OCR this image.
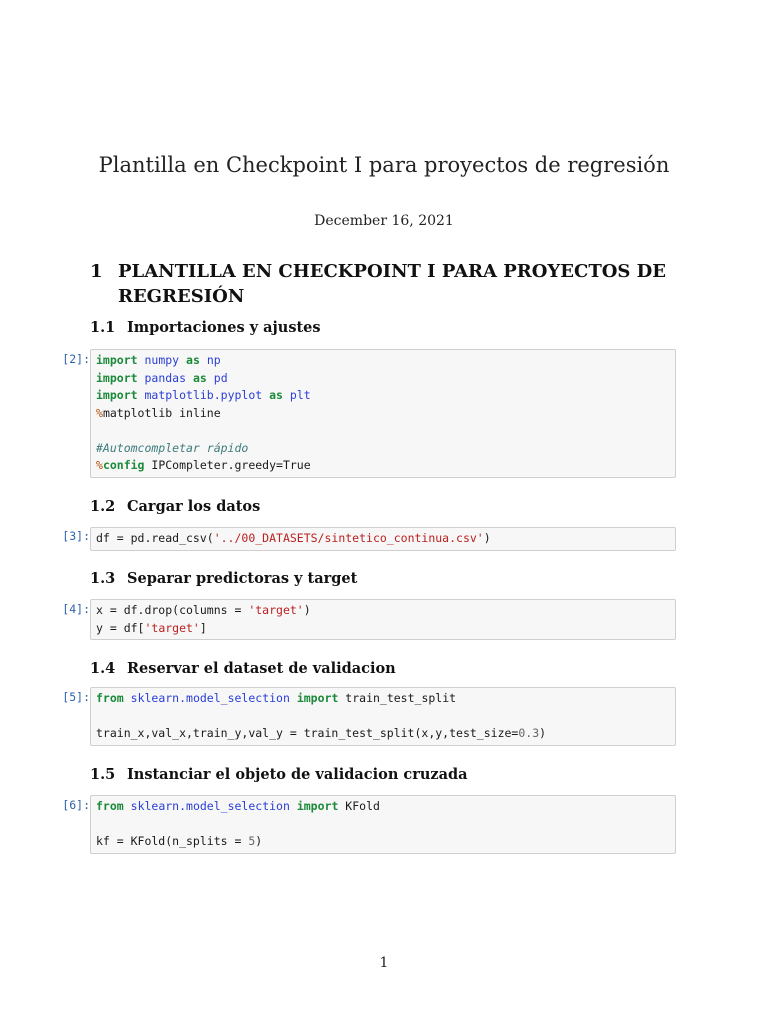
Plantilla en Checkpoint I para proyectos de regresión
December 16, 2021
1 PLANTILLA EN CHECKPOINT I PARA PROYECTOS DE REGRESIÓN
1.1 Importaciones y ajustes
[2]: import numpy as np
import pandas as pd
import matplotlib.pyplot as plt
%matplotlib inline
#Automcompletar rápido
%config IPCompleter.greedy=True
1.2 Cargar los datos
[3]: df = pd.read_csv('../00_DATASETS/sintetico_continua.csv')
1.3 Separar predictoras y target
[4]: x = df.drop(columns = 'target')
y = df['target']
1.4 Reservar el dataset de validacion
[5]: from sklearn.model_selection import train_test_split
train_x,val_x,train_y,val_y = train_test_split(x,y,test_size=0.3)
1.5 Instanciar el objeto de validacion cruzada
[6]: from sklearn.model_selection import KFold
kf = KFold(n_splits = 5)
1
